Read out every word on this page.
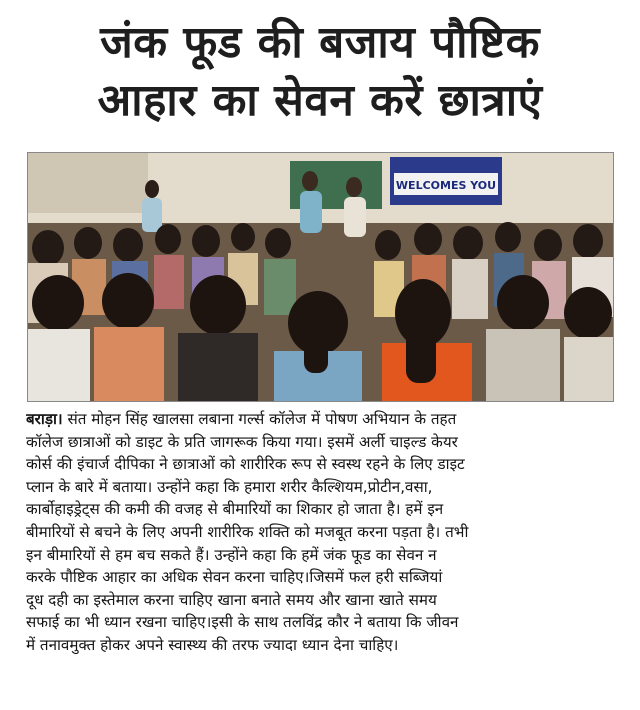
जंक फूड की बजाय पौष्टिक
आहार का सेवन करें छात्राएं
WELCOMES YOU
बराड़ा। संत मोहन सिंह खालसा लबाना गर्ल्स कॉलेज में पोषण अभियान के तहत
कॉलेज छात्राओं को डाइट के प्रति जागरूक किया गया। इसमें अर्ली चाइल्ड केयर
कोर्स की इंचार्ज दीपिका ने छात्राओं को शारीरिक रूप से स्वस्थ रहने के लिए डाइट
प्लान के बारे में बताया। उन्होंने कहा कि हमारा शरीर कैल्शियम,प्रोटीन,वसा,
कार्बोहाइड्रेट्स की कमी की वजह से बीमारियों का शिकार हो जाता है। हमें इन
बीमारियों से बचने के लिए अपनी शारीरिक शक्ति को मजबूत करना पड़ता है। तभी
इन बीमारियों से हम बच सकते हैं। उन्होंने कहा कि हमें जंक फूड का सेवन न
करके पौष्टिक आहार का अधिक सेवन करना चाहिए।जिसमें फल हरी सब्जियां
दूध दही का इस्तेमाल करना चाहिए खाना बनाते समय और खाना खाते समय
सफाई का भी ध्यान रखना चाहिए।इसी के साथ तलविंद्र कौर ने बताया कि जीवन
में तनावमुक्त होकर अपने स्वास्थ्य की तरफ ज्यादा ध्यान देना चाहिए।
